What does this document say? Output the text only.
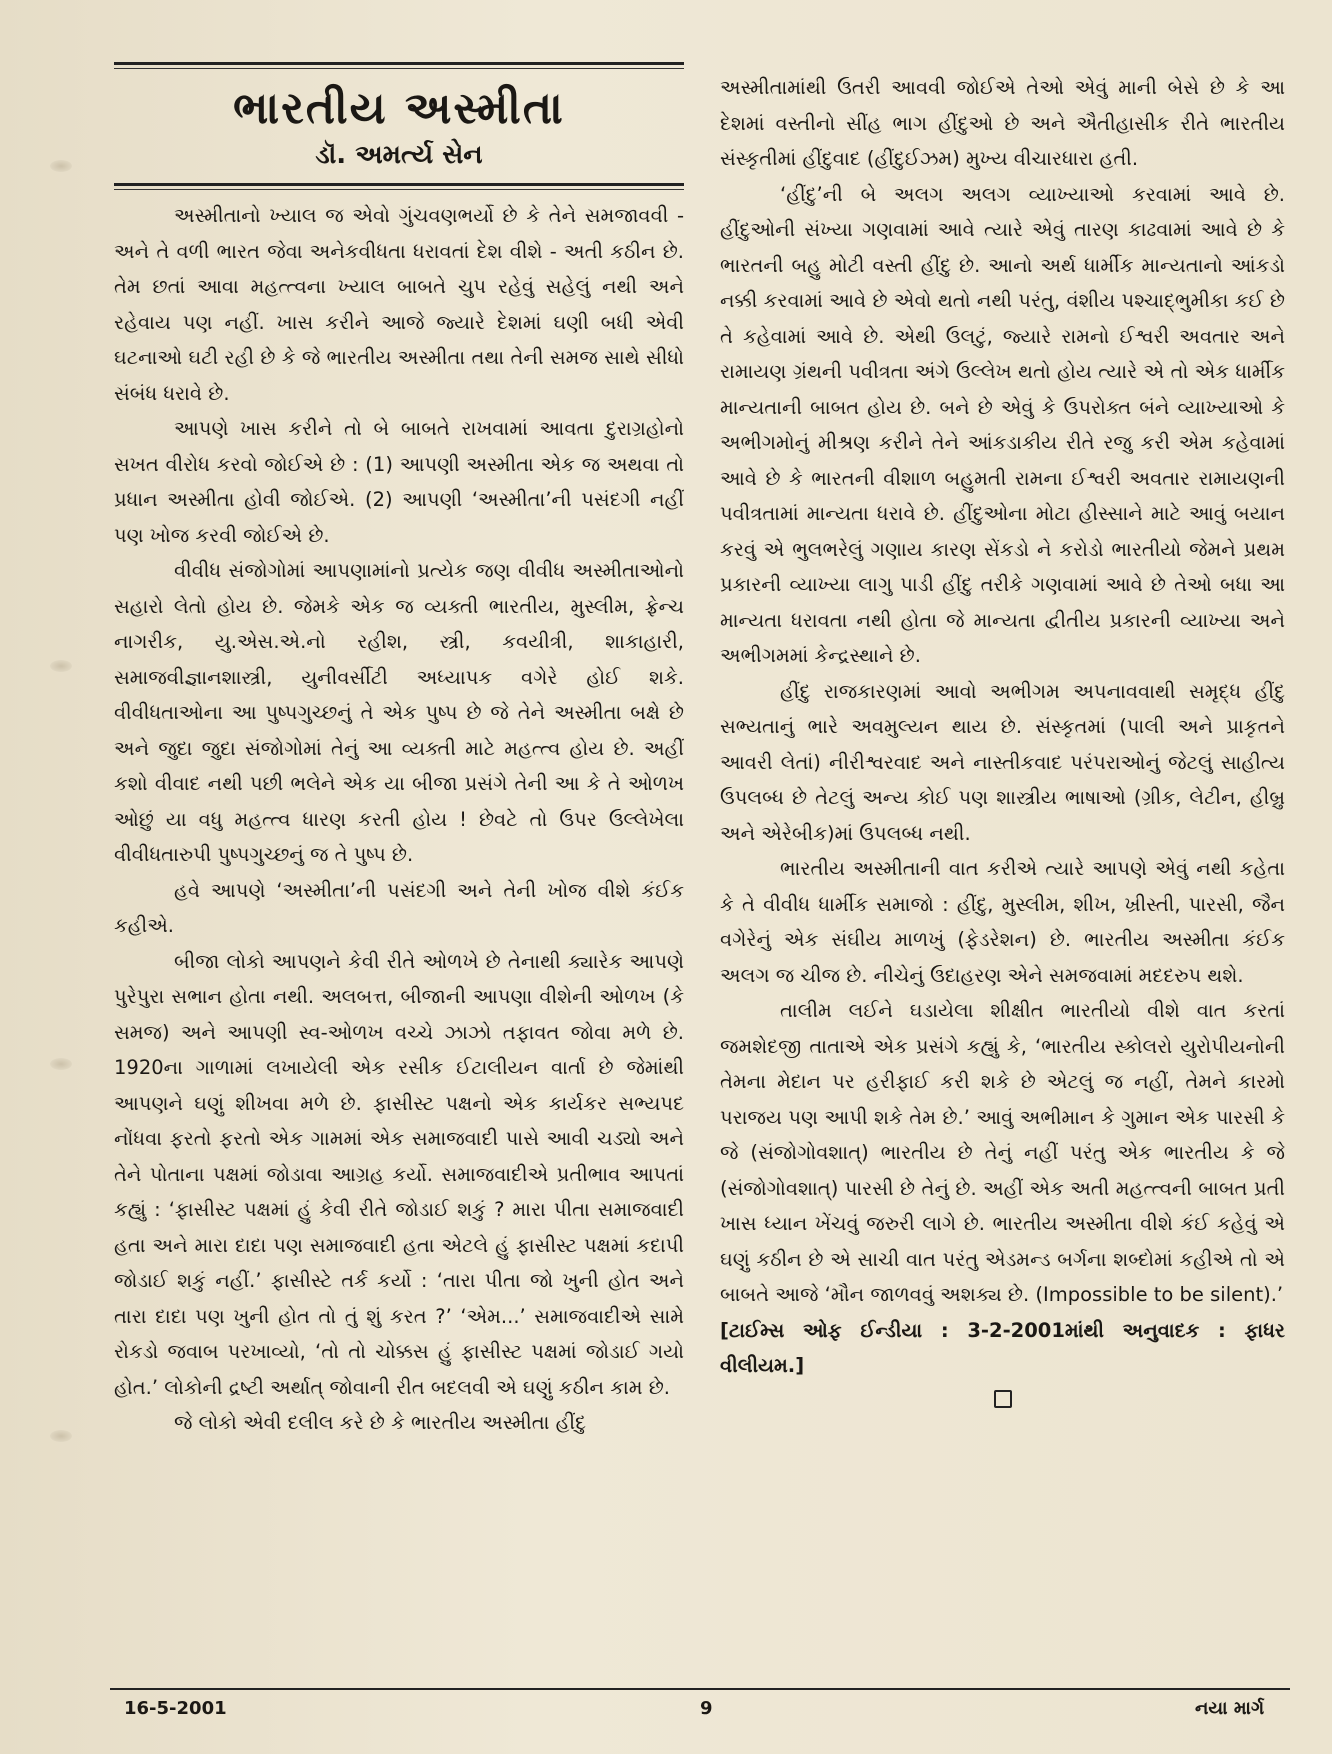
ભારતીય અસ્મીતા
ડૉ. અમર્ત્ય સેન

અસ્મીતાનો ખ્યાલ જ એવો ગુંચવણભર્યો છે કે તેને સમજાવવી - અને તે વળી ભારત જેવા અનેકવીધતા ધરાવતાં દેશ વીશે - અતી કઠીન છે. તેમ છતાં આવા મહત્ત્વના ખ્યાલ બાબતે ચુપ રહેવું સહેલું નથી અને રહેવાય પણ નહીં. ખાસ કરીને આજે જ્યારે દેશમાં ઘણી બધી એવી ઘટનાઓ ઘટી રહી છે કે જે ભારતીય અસ્મીતા તથા તેની સમજ સાથે સીધો સંબંધ ધરાવે છે.

આપણે ખાસ કરીને તો બે બાબતે રાખવામાં આવતા દુરાગ્રહોનો સખત વીરોધ કરવો જોઈએ છે : (1) આપણી અસ્મીતા એક જ અથવા તો પ્રધાન અસ્મીતા હોવી જોઈએ. (2) આપણી ‘અસ્મીતા’ની પસંદગી નહીં પણ ખોજ કરવી જોઈએ છે.

વીવીધ સંજોગોમાં આપણામાંનો પ્રત્યેક જણ વીવીધ અસ્મીતાઓનો સહારો લેતો હોય છે. જેમકે એક જ વ્યક્તી ભારતીય, મુસ્લીમ, ફ્રેન્ચ નાગરીક, યુ.એસ.એ.નો રહીશ, સ્ત્રી, કવયીત્રી, શાકાહારી, સમાજવીજ્ઞાનશાસ્ત્રી, યુનીવર્સીટી અધ્યાપક વગેરે હોઈ શકે. વીવીધતાઓના આ પુષ્પગુચ્છનું તે એક પુષ્પ છે જે તેને અસ્મીતા બક્ષે છે અને જુદા જુદા સંજોગોમાં તેનું આ વ્યક્તી માટે મહત્ત્વ હોય છે. અહીં કશો વીવાદ નથી પછી ભલેને એક યા બીજા પ્રસંગે તેની આ કે તે ઓળખ ઓછું યા વધુ મહત્ત્વ ધારણ કરતી હોય ! છેવટે તો ઉપર ઉલ્લેખેલા વીવીધતારુપી પુષ્પગુચ્છનું જ તે પુષ્પ છે.

હવે આપણે ‘અસ્મીતા’ની પસંદગી અને તેની ખોજ વીશે કંઈક કહીએ.

બીજા લોકો આપણને કેવી રીતે ઓળખે છે તેનાથી ક્યારેક આપણે પુરેપુરા સભાન હોતા નથી. અલબત્ત, બીજાની આપણા વીશેની ઓળખ (કે સમજ) અને આપણી સ્વ-ઓળખ વચ્ચે ઝાઝો તફાવત જોવા મળે છે. 1920ના ગાળામાં લખાયેલી એક રસીક ઈટાલીયન વાર્તા છે જેમાંથી આપણને ઘણું શીખવા મળે છે. ફાસીસ્ટ પક્ષનો એક કાર્યકર સભ્યપદ નોંધવા ફરતો ફરતો એક ગામમાં એક સમાજવાદી પાસે આવી ચડ્યો અને તેને પોતાના પક્ષમાં જોડાવા આગ્રહ કર્યો. સમાજવાદીએ પ્રતીભાવ આપતાં કહ્યું : ‘ફાસીસ્ટ પક્ષમાં હું કેવી રીતે જોડાઈ શકું ? મારા પીતા સમાજવાદી હતા અને મારા દાદા પણ સમાજવાદી હતા એટલે હું ફાસીસ્ટ પક્ષમાં કદાપી જોડાઈ શકું નહીં.’ ફાસીસ્ટે તર્ક કર્યો : ‘તારા પીતા જો ખુની હોત અને તારા દાદા પણ ખુની હોત તો તું શું કરત ?’ ‘એમ...’ સમાજવાદીએ સામે રોકડો જવાબ પરખાવ્યો, ‘તો તો ચોક્કસ હું ફાસીસ્ટ પક્ષમાં જોડાઈ ગયો હોત.’ લોકોની દ્રષ્ટી અર્થાત્ જોવાની રીત બદલવી એ ઘણું કઠીન કામ છે.

જે લોકો એવી દલીલ કરે છે કે ભારતીય અસ્મીતા હીંદુ

અસ્મીતામાંથી ઉતરી આવવી જોઈએ તેઓ એવું માની બેસે છે કે આ દેશમાં વસ્તીનો સીંહ ભાગ હીંદુઓ છે અને ઐતીહાસીક રીતે ભારતીય સંસ્કૃતીમાં હીંદુવાદ (હીંદુઈઝમ) મુખ્ય વીચારધારા હતી.

‘હીંદુ’ની બે અલગ અલગ વ્યાખ્યાઓ કરવામાં આવે છે. હીંદુઓની સંખ્યા ગણવામાં આવે ત્યારે એવું તારણ કાઢવામાં આવે છે કે ભારતની બહુ મોટી વસ્તી હીંદુ છે. આનો અર્થ ધાર્મીક માન્યતાનો આંકડો નક્કી કરવામાં આવે છે એવો થતો નથી પરંતુ, વંશીય પશ્ચાદ્ભુમીકા કઈ છે તે કહેવામાં આવે છે. એથી ઉલટું, જ્યારે રામનો ઈશ્વરી અવતાર અને રામાયણ ગ્રંથની પવીત્રતા અંગે ઉલ્લેખ થતો હોય ત્યારે એ તો એક ધાર્મીક માન્યતાની બાબત હોય છે. બને છે એવું કે ઉપરોક્ત બંને વ્યાખ્યાઓ કે અભીગમોનું મીશ્રણ કરીને તેને આંકડાકીય રીતે રજુ કરી એમ કહેવામાં આવે છે કે ભારતની વીશાળ બહુમતી રામના ઈશ્વરી અવતાર રામાયણની પવીત્રતામાં માન્યતા ધરાવે છે. હીંદુઓના મોટા હીસ્સાને માટે આવું બયાન કરવું એ ભુલભરેલું ગણાય કારણ સેંકડો ને કરોડો ભારતીયો જેમને પ્રથમ પ્રકારની વ્યાખ્યા લાગુ પાડી હીંદુ તરીકે ગણવામાં આવે છે તેઓ બધા આ માન્યતા ધરાવતા નથી હોતા જે માન્યતા દ્વીતીય પ્રકારની વ્યાખ્યા અને અભીગમમાં કેન્દ્રસ્થાને છે.

હીંદુ રાજકારણમાં આવો અભીગમ અપનાવવાથી સમૃદ્ધ હીંદુ સભ્યતાનું ભારે અવમુલ્યન થાય છે. સંસ્કૃતમાં (પાલી અને પ્રાકૃતને આવરી લેતાં) નીરીશ્વરવાદ અને નાસ્તીકવાદ પરંપરાઓનું જેટલું સાહીત્ય ઉપલબ્ધ છે તેટલું અન્ય કોઈ પણ શાસ્ત્રીય ભાષાઓ (ગ્રીક, લેટીન, હીબ્રુ અને એરેબીક)માં ઉપલબ્ધ નથી.

ભારતીય અસ્મીતાની વાત કરીએ ત્યારે આપણે એવું નથી કહેતા કે તે વીવીધ ધાર્મીક સમાજો : હીંદુ, મુસ્લીમ, શીખ, ખ્રીસ્તી, પારસી, જૈન વગેરેનું એક સંઘીય માળખું (ફેડરેશન) છે. ભારતીય અસ્મીતા કંઈક અલગ જ ચીજ છે. નીચેનું ઉદાહરણ એને સમજવામાં મદદરુપ થશે.

તાલીમ લઈને ઘડાયેલા શીક્ષીત ભારતીયો વીશે વાત કરતાં જમશેદજી તાતાએ એક પ્રસંગે કહ્યું કે, ‘ભારતીય સ્કોલરો યુરોપીયનોની તેમના મેદાન પર હરીફાઈ કરી શકે છે એટલું જ નહીં, તેમને કારમો પરાજય પણ આપી શકે તેમ છે.’ આવું અભીમાન કે ગુમાન એક પારસી કે જે (સંજોગોવશાત્) ભારતીય છે તેનું નહીં પરંતુ એક ભારતીય કે જે (સંજોગોવશાત્) પારસી છે તેનું છે. અહીં એક અતી મહત્ત્વની બાબત પ્રતી ખાસ ધ્યાન ખેંચવું જરુરી લાગે છે. ભારતીય અસ્મીતા વીશે કંઈ કહેવું એ ઘણું કઠીન છે એ સાચી વાત પરંતુ એડમન્ડ બર્ગના શબ્દોમાં કહીએ તો એ બાબતે આજે ‘મૌન જાળવવું અશક્ય છે. (Impossible to be silent).’

[ટાઈમ્સ ઓફ ઈન્ડીયા : 3-2-2001માંથી અનુવાદક : ફાધર વીલીયમ.]

16-5-2001	9	નયા માર્ગ
